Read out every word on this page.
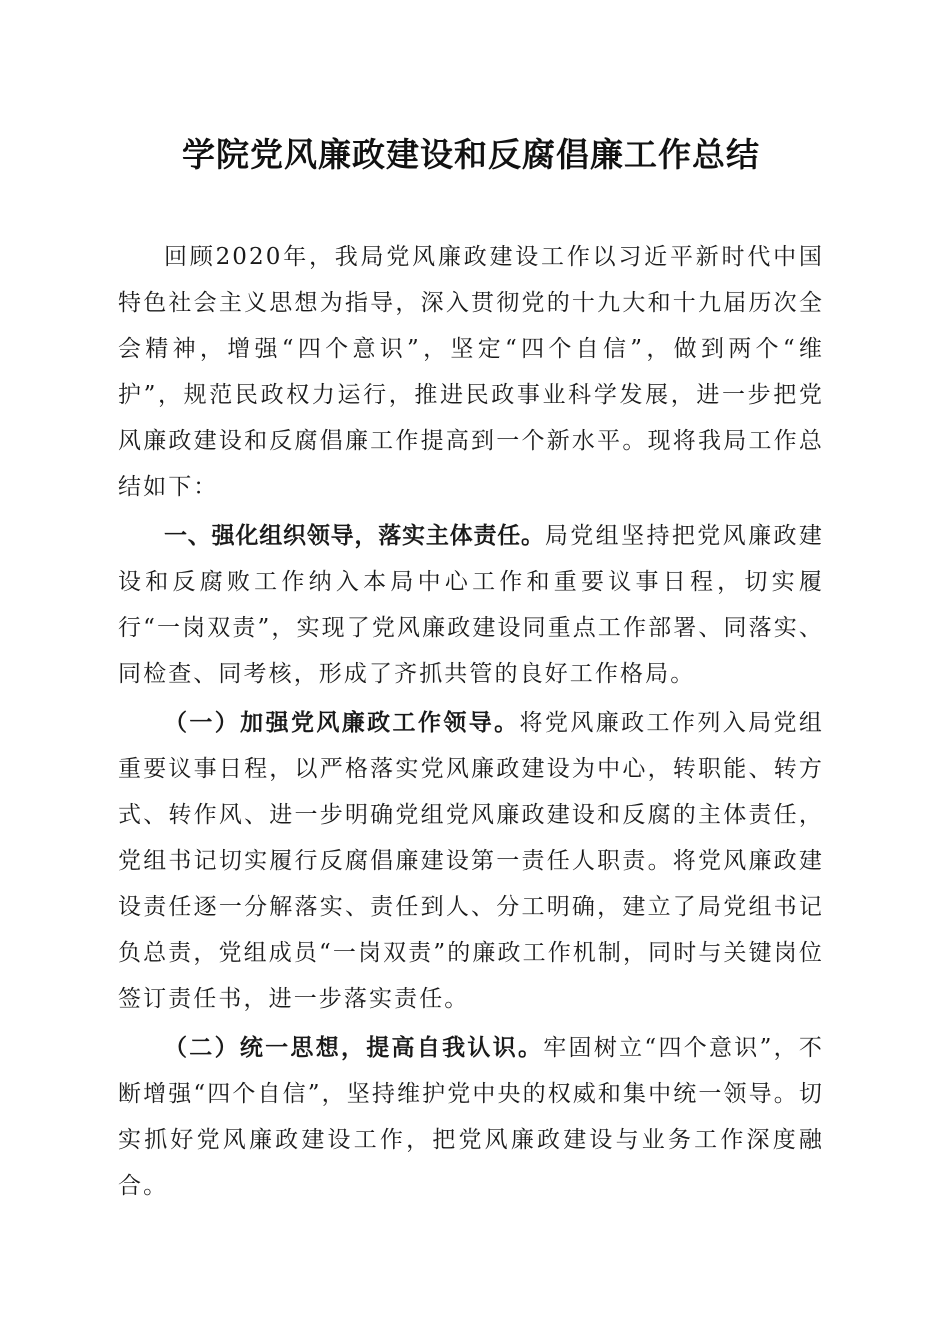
学院党风廉政建设和反腐倡廉工作总结

回顾2020年，我局党风廉政建设工作以习近平新时代中国特色社会主义思想为指导，深入贯彻党的十九大和十九届历次全会精神，增强“四个意识”，坚定“四个自信”，做到两个“维护”，规范民政权力运行，推进民政事业科学发展，进一步把党风廉政建设和反腐倡廉工作提高到一个新水平。现将我局工作总结如下：

一、强化组织领导，落实主体责任。局党组坚持把党风廉政建设和反腐败工作纳入本局中心工作和重要议事日程，切实履行“一岗双责”，实现了党风廉政建设同重点工作部署、同落实、同检查、同考核，形成了齐抓共管的良好工作格局。

（一）加强党风廉政工作领导。将党风廉政工作列入局党组重要议事日程，以严格落实党风廉政建设为中心，转职能、转方式、转作风、进一步明确党组党风廉政建设和反腐的主体责任，党组书记切实履行反腐倡廉建设第一责任人职责。将党风廉政建设责任逐一分解落实、责任到人、分工明确，建立了局党组书记负总责，党组成员“一岗双责”的廉政工作机制，同时与关键岗位签订责任书，进一步落实责任。

（二）统一思想，提高自我认识。牢固树立“四个意识”，不断增强“四个自信”，坚持维护党中央的权威和集中统一领导。切实抓好党风廉政建设工作，把党风廉政建设与业务工作深度融合。
